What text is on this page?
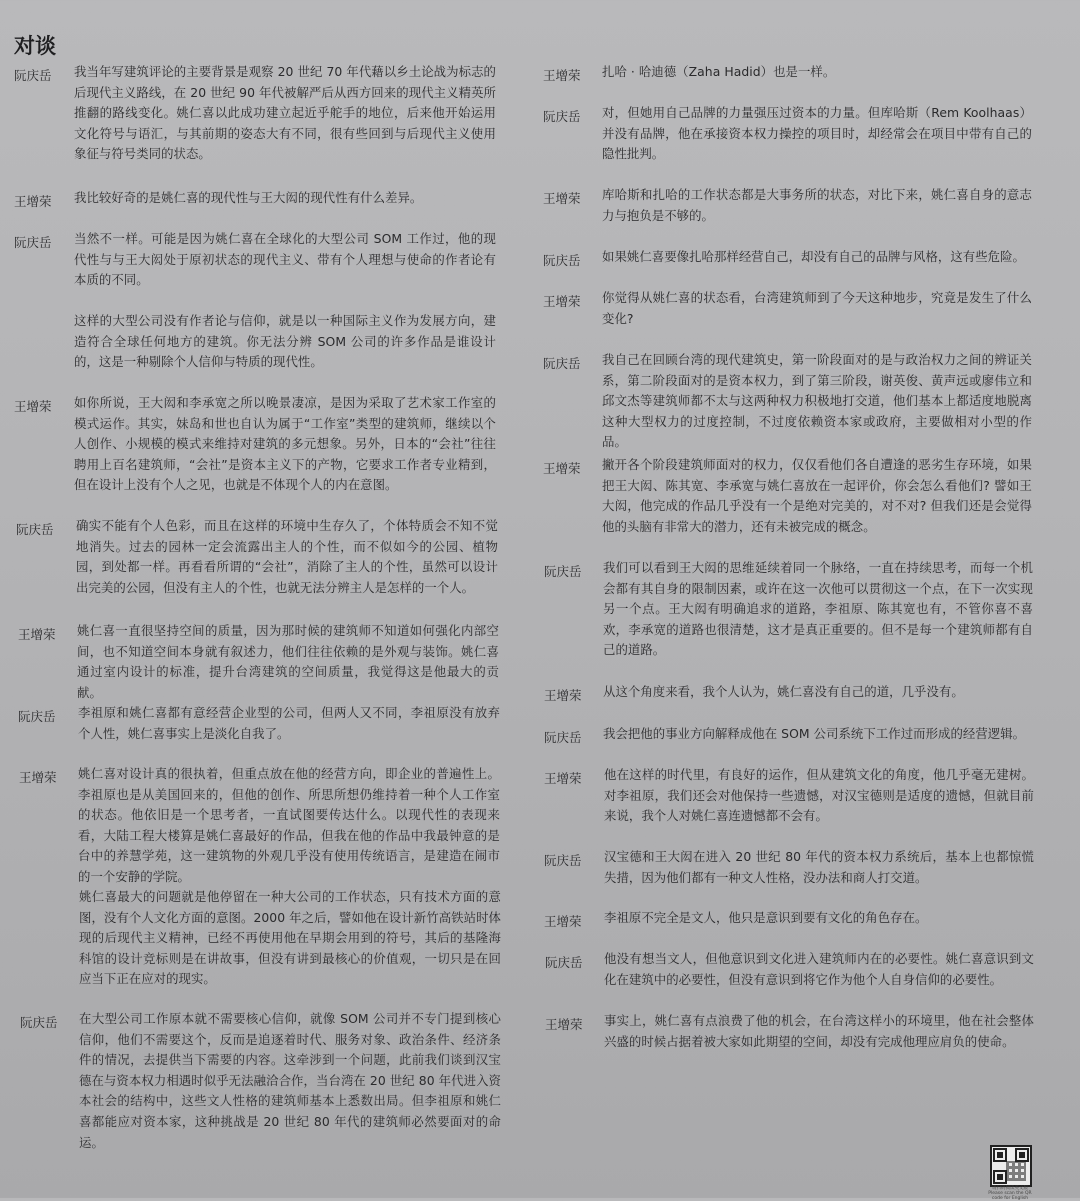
对谈
阮庆岳 我当年写建筑评论的主要背景是观察 20 世纪 70 年代藉以乡土论战为标志的后现代主义路线，在 20 世纪 90 年代被解严后从西方回来的现代主义精英所推翻的路线变化。姚仁喜以此成功建立起近乎舵手的地位，后来他开始运用文化符号与语汇，与其前期的姿态大有不同，很有些回到与后现代主义使用象征与符号类同的状态。
王增荣 我比较好奇的是姚仁喜的现代性与王大闳的现代性有什么差异。
阮庆岳 当然不一样。可能是因为姚仁喜在全球化的大型公司 SOM 工作过，他的现代性与与王大闳处于原初状态的现代主义、带有个人理想与使命的作者论有本质的不同。
这样的大型公司没有作者论与信仰，就是以一种国际主义作为发展方向，建造符合全球任何地方的建筑。你无法分辨 SOM 公司的许多作品是谁设计的，这是一种剔除个人信仰与特质的现代性。
王增荣 如你所说，王大闳和李承宽之所以晚景凄凉，是因为采取了艺术家工作室的模式运作。其实，妹岛和世也自认为属于“工作室”类型的建筑师，继续以个人创作、小规模的模式来维持对建筑的多元想象。另外，日本的“会社”往往聘用上百名建筑师，“会社”是资本主义下的产物，它要求工作者专业精到，但在设计上没有个人之见，也就是不体现个人的内在意图。
阮庆岳 确实不能有个人色彩，而且在这样的环境中生存久了，个体特质会不知不觉地消失。过去的园林一定会流露出主人的个性，而不似如今的公园、植物园，到处都一样。再看看所谓的“会社”，消除了主人的个性，虽然可以设计出完美的公园，但没有主人的个性，也就无法分辨主人是怎样的一个人。
王增荣 姚仁喜一直很坚持空间的质量，因为那时候的建筑师不知道如何强化内部空间，也不知道空间本身就有叙述力，他们往往依赖的是外观与装饰。姚仁喜通过室内设计的标准，提升台湾建筑的空间质量，我觉得这是他最大的贡献。
阮庆岳 李祖原和姚仁喜都有意经营企业型的公司，但两人又不同，李祖原没有放弃个人性，姚仁喜事实上是淡化自我了。
王增荣 姚仁喜对设计真的很执着，但重点放在他的经营方向，即企业的普遍性上。李祖原也是从美国回来的，但他的创作、所思所想仍维持着一种个人工作室的状态。他依旧是一个思考者，一直试图要传达什么。以现代性的表现来看，大陆工程大楼算是姚仁喜最好的作品，但我在他的作品中我最钟意的是台中的养慧学苑，这一建筑物的外观几乎没有使用传统语言，是建造在闹市的一个安静的学院。
姚仁喜最大的问题就是他停留在一种大公司的工作状态，只有技术方面的意图，没有个人文化方面的意图。2000 年之后，譬如他在设计新竹高铁站时体现的后现代主义精神，已经不再使用他在早期会用到的符号，其后的基隆海科馆的设计竞标则是在讲故事，但没有讲到最核心的价值观，一切只是在回应当下正在应对的现实。
阮庆岳 在大型公司工作原本就不需要核心信仰，就像 SOM 公司并不专门提到核心信仰，他们不需要这个，反而是追逐着时代、服务对象、政治条件、经济条件的情况，去提供当下需要的内容。这牵涉到一个问题，此前我们谈到汉宝德在与资本权力相遇时似乎无法融洽合作，当台湾在 20 世纪 80 年代进入资本社会的结构中，这些文人性格的建筑师基本上悉数出局。但李祖原和姚仁喜都能应对资本家，这种挑战是 20 世纪 80 年代的建筑师必然要面对的命运。
王增荣 扎哈 · 哈迪德（Zaha Hadid）也是一样。
阮庆岳 对，但她用自己品牌的力量强压过资本的力量。但库哈斯（Rem Koolhaas）并没有品牌，他在承接资本权力操控的项目时，却经常会在项目中带有自己的隐性批判。
王增荣 库哈斯和扎哈的工作状态都是大事务所的状态，对比下来，姚仁喜自身的意志力与抱负是不够的。
阮庆岳 如果姚仁喜要像扎哈那样经营自己，却没有自己的品牌与风格，这有些危险。
王增荣 你觉得从姚仁喜的状态看，台湾建筑师到了今天这种地步，究竟是发生了什么变化?
阮庆岳 我自己在回顾台湾的现代建筑史，第一阶段面对的是与政治权力之间的辨证关系，第二阶段面对的是资本权力，到了第三阶段，谢英俊、黄声远或廖伟立和邱文杰等建筑师都不太与这两种权力积极地打交道，他们基本上都适度地脱离这种大型权力的过度控制，不过度依赖资本家或政府，主要做相对小型的作品。
王增荣 撇开各个阶段建筑师面对的权力，仅仅看他们各自遭逢的恶劣生存环境，如果把王大闳、陈其宽、李承宽与姚仁喜放在一起评价，你会怎么看他们? 譬如王大闳，他完成的作品几乎没有一个是绝对完美的，对不对? 但我们还是会觉得他的头脑有非常大的潜力，还有未被完成的概念。
阮庆岳 我们可以看到王大闳的思维延续着同一个脉络，一直在持续思考，而每一个机会都有其自身的限制因素，或许在这一次他可以贯彻这一个点，在下一次实现另一个点。王大闳有明确追求的道路，李祖原、陈其宽也有，不管你喜不喜欢，李承宽的道路也很清楚，这才是真正重要的。但不是每一个建筑师都有自己的道路。
王增荣 从这个角度来看，我个人认为，姚仁喜没有自己的道，几乎没有。
阮庆岳 我会把他的事业方向解释成他在 SOM 公司系统下工作过而形成的经营逻辑。
王增荣 他在这样的时代里，有良好的运作，但从建筑文化的角度，他几乎毫无建树。对李祖原，我们还会对他保持一些遗憾，对汉宝德则是适度的遗憾，但就目前来说，我个人对姚仁喜连遗憾都不会有。
阮庆岳 汉宝德和王大闳在进入 20 世纪 80 年代的资本权力系统后，基本上也都惊慌失措，因为他们都有一种文人性格，没办法和商人打交道。
王增荣 李祖原不完全是文人，他只是意识到要有文化的角色存在。
阮庆岳 他没有想当文人，但他意识到文化进入建筑师内在的必要性。姚仁喜意识到文化在建筑中的必要性，但没有意识到将它作为他个人自身信仰的必要性。
王增荣 事实上，姚仁喜有点浪费了他的机会，在台湾这样小的环境里，他在社会整体兴盛的时候占据着被大家如此期望的空间，却没有完成他理应肩负的使命。
请扫码阅读英文版 Please scan the QR code for English
